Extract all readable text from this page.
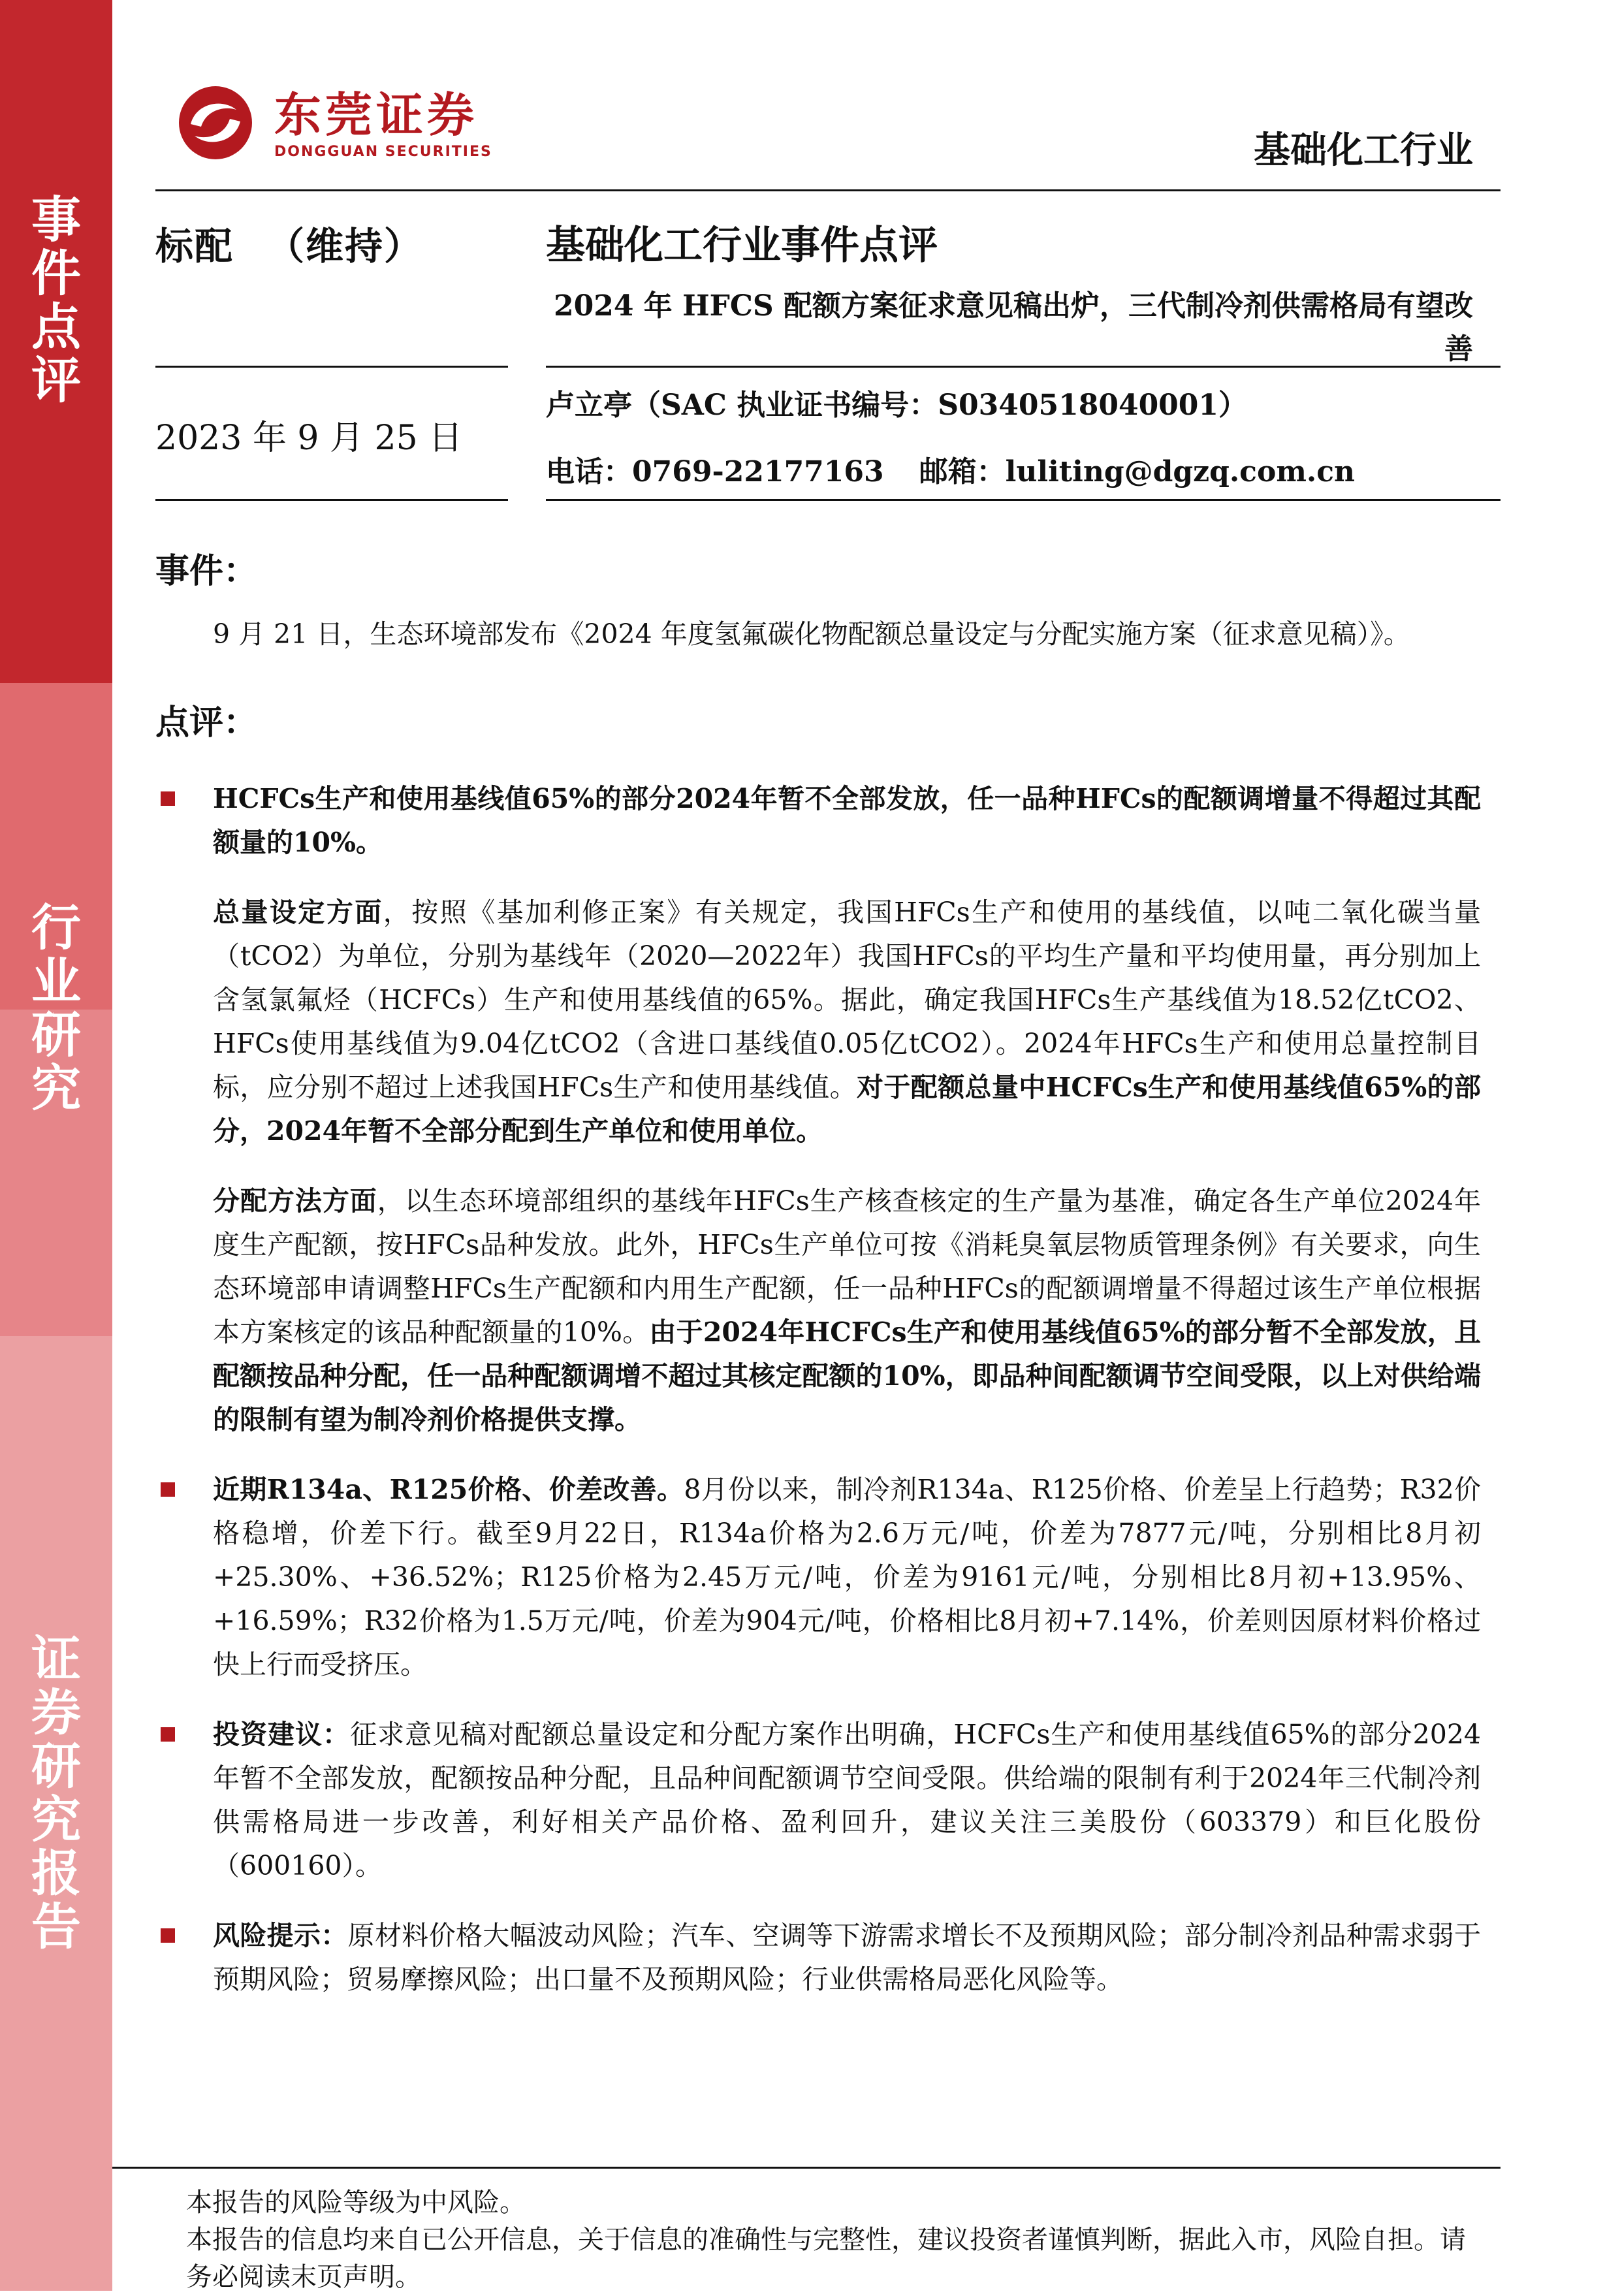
事
件
点
评
行
业
研
究
证
券
研
究
报
告
东莞证券
DONGGUAN SECURITIES	基础化工行业
标配 （维持）	基础化工行业事件点评
2024 年 HFCS 配额方案征求意见稿出炉，三代制冷剂供需格局有望改善
2023 年 9 月 25 日
卢立亭（SAC 执业证书编号：S0340518040001）
电话：0769-22177163 邮箱：luliting@dgzq.com.cn
事件：
9 月 21 日，生态环境部发布《2024 年度氢氟碳化物配额总量设定与分配实施方案（征求意见稿）》。
点评：
HCFCs生产和使用基线值65%的部分2024年暂不全部发放，任一品种HFCs的配额调增量不得超过其配额量的10%。
总量设定方面，按照《基加利修正案》有关规定，我国HFCs生产和使用的基线值，以吨二氧化碳当量（tCO2）为单位，分别为基线年（2020—2022年）我国HFCs的平均生产量和平均使用量，再分别加上含氢氯氟烃（HCFCs）生产和使用基线值的65%。据此，确定我国HFCs生产基线值为18.52亿tCO2、HFCs使用基线值为9.04亿tCO2（含进口基线值0.05亿tCO2）。2024年HFCs生产和使用总量控制目标，应分别不超过上述我国HFCs生产和使用基线值。对于配额总量中HCFCs生产和使用基线值65%的部分，2024年暂不全部分配到生产单位和使用单位。
分配方法方面，以生态环境部组织的基线年HFCs生产核查核定的生产量为基准，确定各生产单位2024年度生产配额，按HFCs品种发放。此外，HFCs生产单位可按《消耗臭氧层物质管理条例》有关要求，向生态环境部申请调整HFCs生产配额和内用生产配额，任一品种HFCs的配额调增量不得超过该生产单位根据本方案核定的该品种配额量的10%。由于2024年HCFCs生产和使用基线值65%的部分暂不全部发放，且配额按品种分配，任一品种配额调增不超过其核定配额的10%，即品种间配额调节空间受限，以上对供给端的限制有望为制冷剂价格提供支撑。
近期R134a、R125价格、价差改善。8月份以来，制冷剂R134a、R125价格、价差呈上行趋势；R32价格稳增，价差下行。截至9月22日，R134a价格为2.6万元/吨，价差为7877元/吨，分别相比8月初+25.30%、+36.52%；R125价格为2.45万元/吨，价差为9161元/吨，分别相比8月初+13.95%、+16.59%；R32价格为1.5万元/吨，价差为904元/吨，价格相比8月初+7.14%，价差则因原材料价格过快上行而受挤压。
投资建议：征求意见稿对配额总量设定和分配方案作出明确，HCFCs生产和使用基线值65%的部分2024年暂不全部发放，配额按品种分配，且品种间配额调节空间受限。供给端的限制有利于2024年三代制冷剂供需格局进一步改善，利好相关产品价格、盈利回升，建议关注三美股份（603379）和巨化股份（600160）。
风险提示：原材料价格大幅波动风险；汽车、空调等下游需求增长不及预期风险；部分制冷剂品种需求弱于预期风险；贸易摩擦风险；出口量不及预期风险；行业供需格局恶化风险等。
本报告的风险等级为中风险。
本报告的信息均来自已公开信息，关于信息的准确性与完整性，建议投资者谨慎判断，据此入市，风险自担。请务必阅读末页声明。
